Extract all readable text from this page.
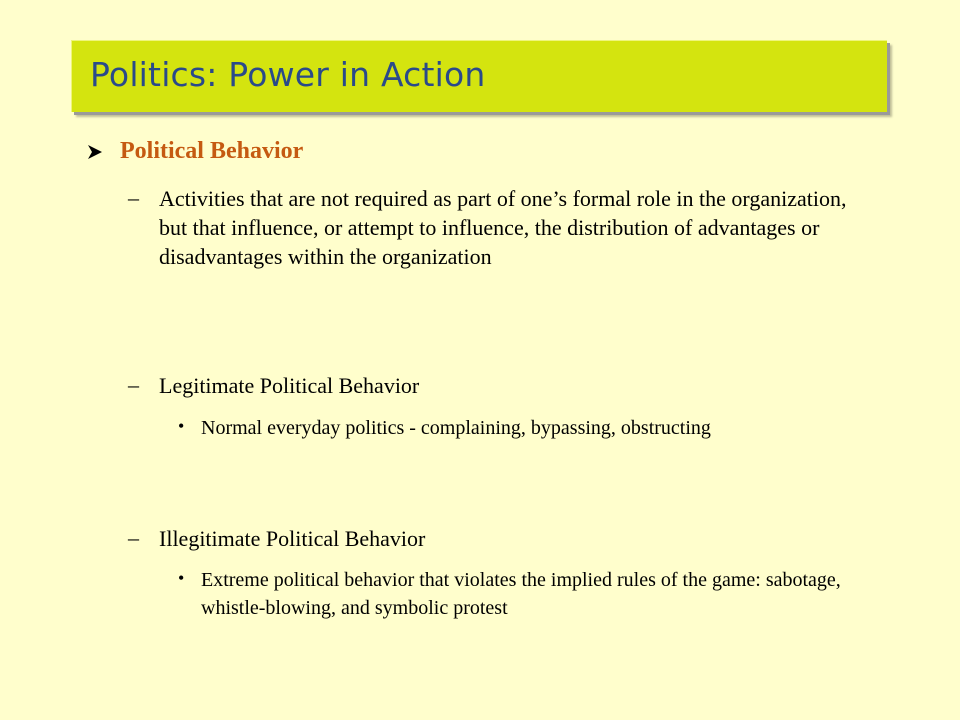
Politics: Power in Action
Political Behavior
– Activities that are not required as part of one’s formal role in the organization, but that influence, or attempt to influence, the distribution of advantages or disadvantages within the organization
– Legitimate Political Behavior
• Normal everyday politics - complaining, bypassing, obstructing
– Illegitimate Political Behavior
• Extreme political behavior that violates the implied rules of the game: sabotage, whistle-blowing, and symbolic protest
